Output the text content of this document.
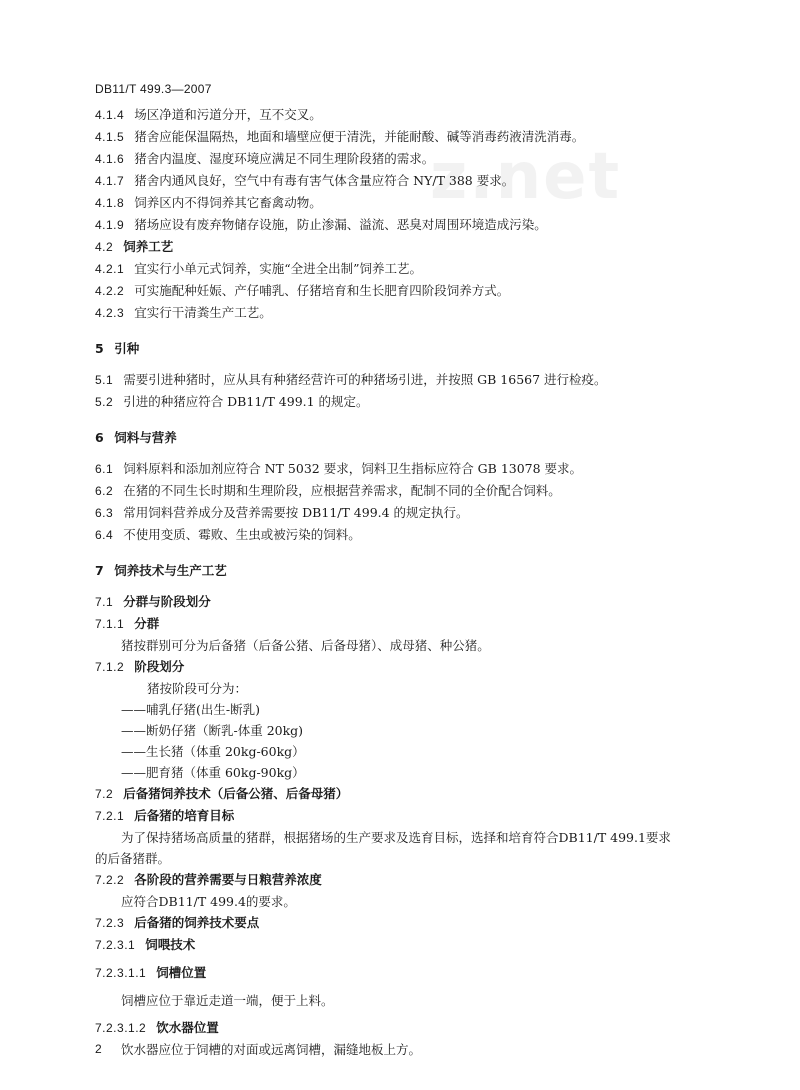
z.net
DB11/T 499.3—2007
4.1.4 场区净道和污道分开，互不交叉。
4.1.5 猪舍应能保温隔热，地面和墙壁应便于清洗，并能耐酸、碱等消毒药液清洗消毒。
4.1.6 猪舍内温度、湿度环境应满足不同生理阶段猪的需求。
4.1.7 猪舍内通风良好，空气中有毒有害气体含量应符合 NY/T 388 要求。
4.1.8 饲养区内不得饲养其它畜禽动物。
4.1.9 猪场应设有废弃物储存设施，防止渗漏、溢流、恶臭对周围环境造成污染。
4.2 饲养工艺
4.2.1 宜实行小单元式饲养，实施“全进全出制”饲养工艺。
4.2.2 可实施配种妊娠、产仔哺乳、仔猪培育和生长肥育四阶段饲养方式。
4.2.3 宜实行干清粪生产工艺。
5 引种
5.1 需要引进种猪时，应从具有种猪经营许可的种猪场引进，并按照 GB 16567 进行检疫。
5.2 引进的种猪应符合 DB11/T 499.1 的规定。
6 饲料与营养
6.1 饲料原料和添加剂应符合 NT 5032 要求，饲料卫生指标应符合 GB 13078 要求。
6.2 在猪的不同生长时期和生理阶段，应根据营养需求，配制不同的全价配合饲料。
6.3 常用饲料营养成分及营养需要按 DB11/T 499.4 的规定执行。
6.4 不使用变质、霉败、生虫或被污染的饲料。
7 饲养技术与生产工艺
7.1 分群与阶段划分
7.1.1 分群
猪按群别可分为后备猪（后备公猪、后备母猪）、成母猪、种公猪。
7.1.2 阶段划分
猪按阶段可分为：
——哺乳仔猪(出生-断乳)
——断奶仔猪（断乳-体重 20kg)
——生长猪（体重 20kg-60kg）
——肥育猪（体重 60kg-90kg）
7.2 后备猪饲养技术（后备公猪、后备母猪）
7.2.1 后备猪的培育目标
为了保持猪场高质量的猪群，根据猪场的生产要求及选育目标，选择和培育符合DB11/T 499.1要求
的后备猪群。
7.2.2 各阶段的营养需要与日粮营养浓度
应符合DB11/T 499.4的要求。
7.2.3 后备猪的饲养技术要点
7.2.3.1 饲喂技术
7.2.3.1.1 饲槽位置
饲槽应位于靠近走道一端，便于上料。
7.2.3.1.2 饮水器位置
饮水器应位于饲槽的对面或远离饲槽，漏缝地板上方。
2
